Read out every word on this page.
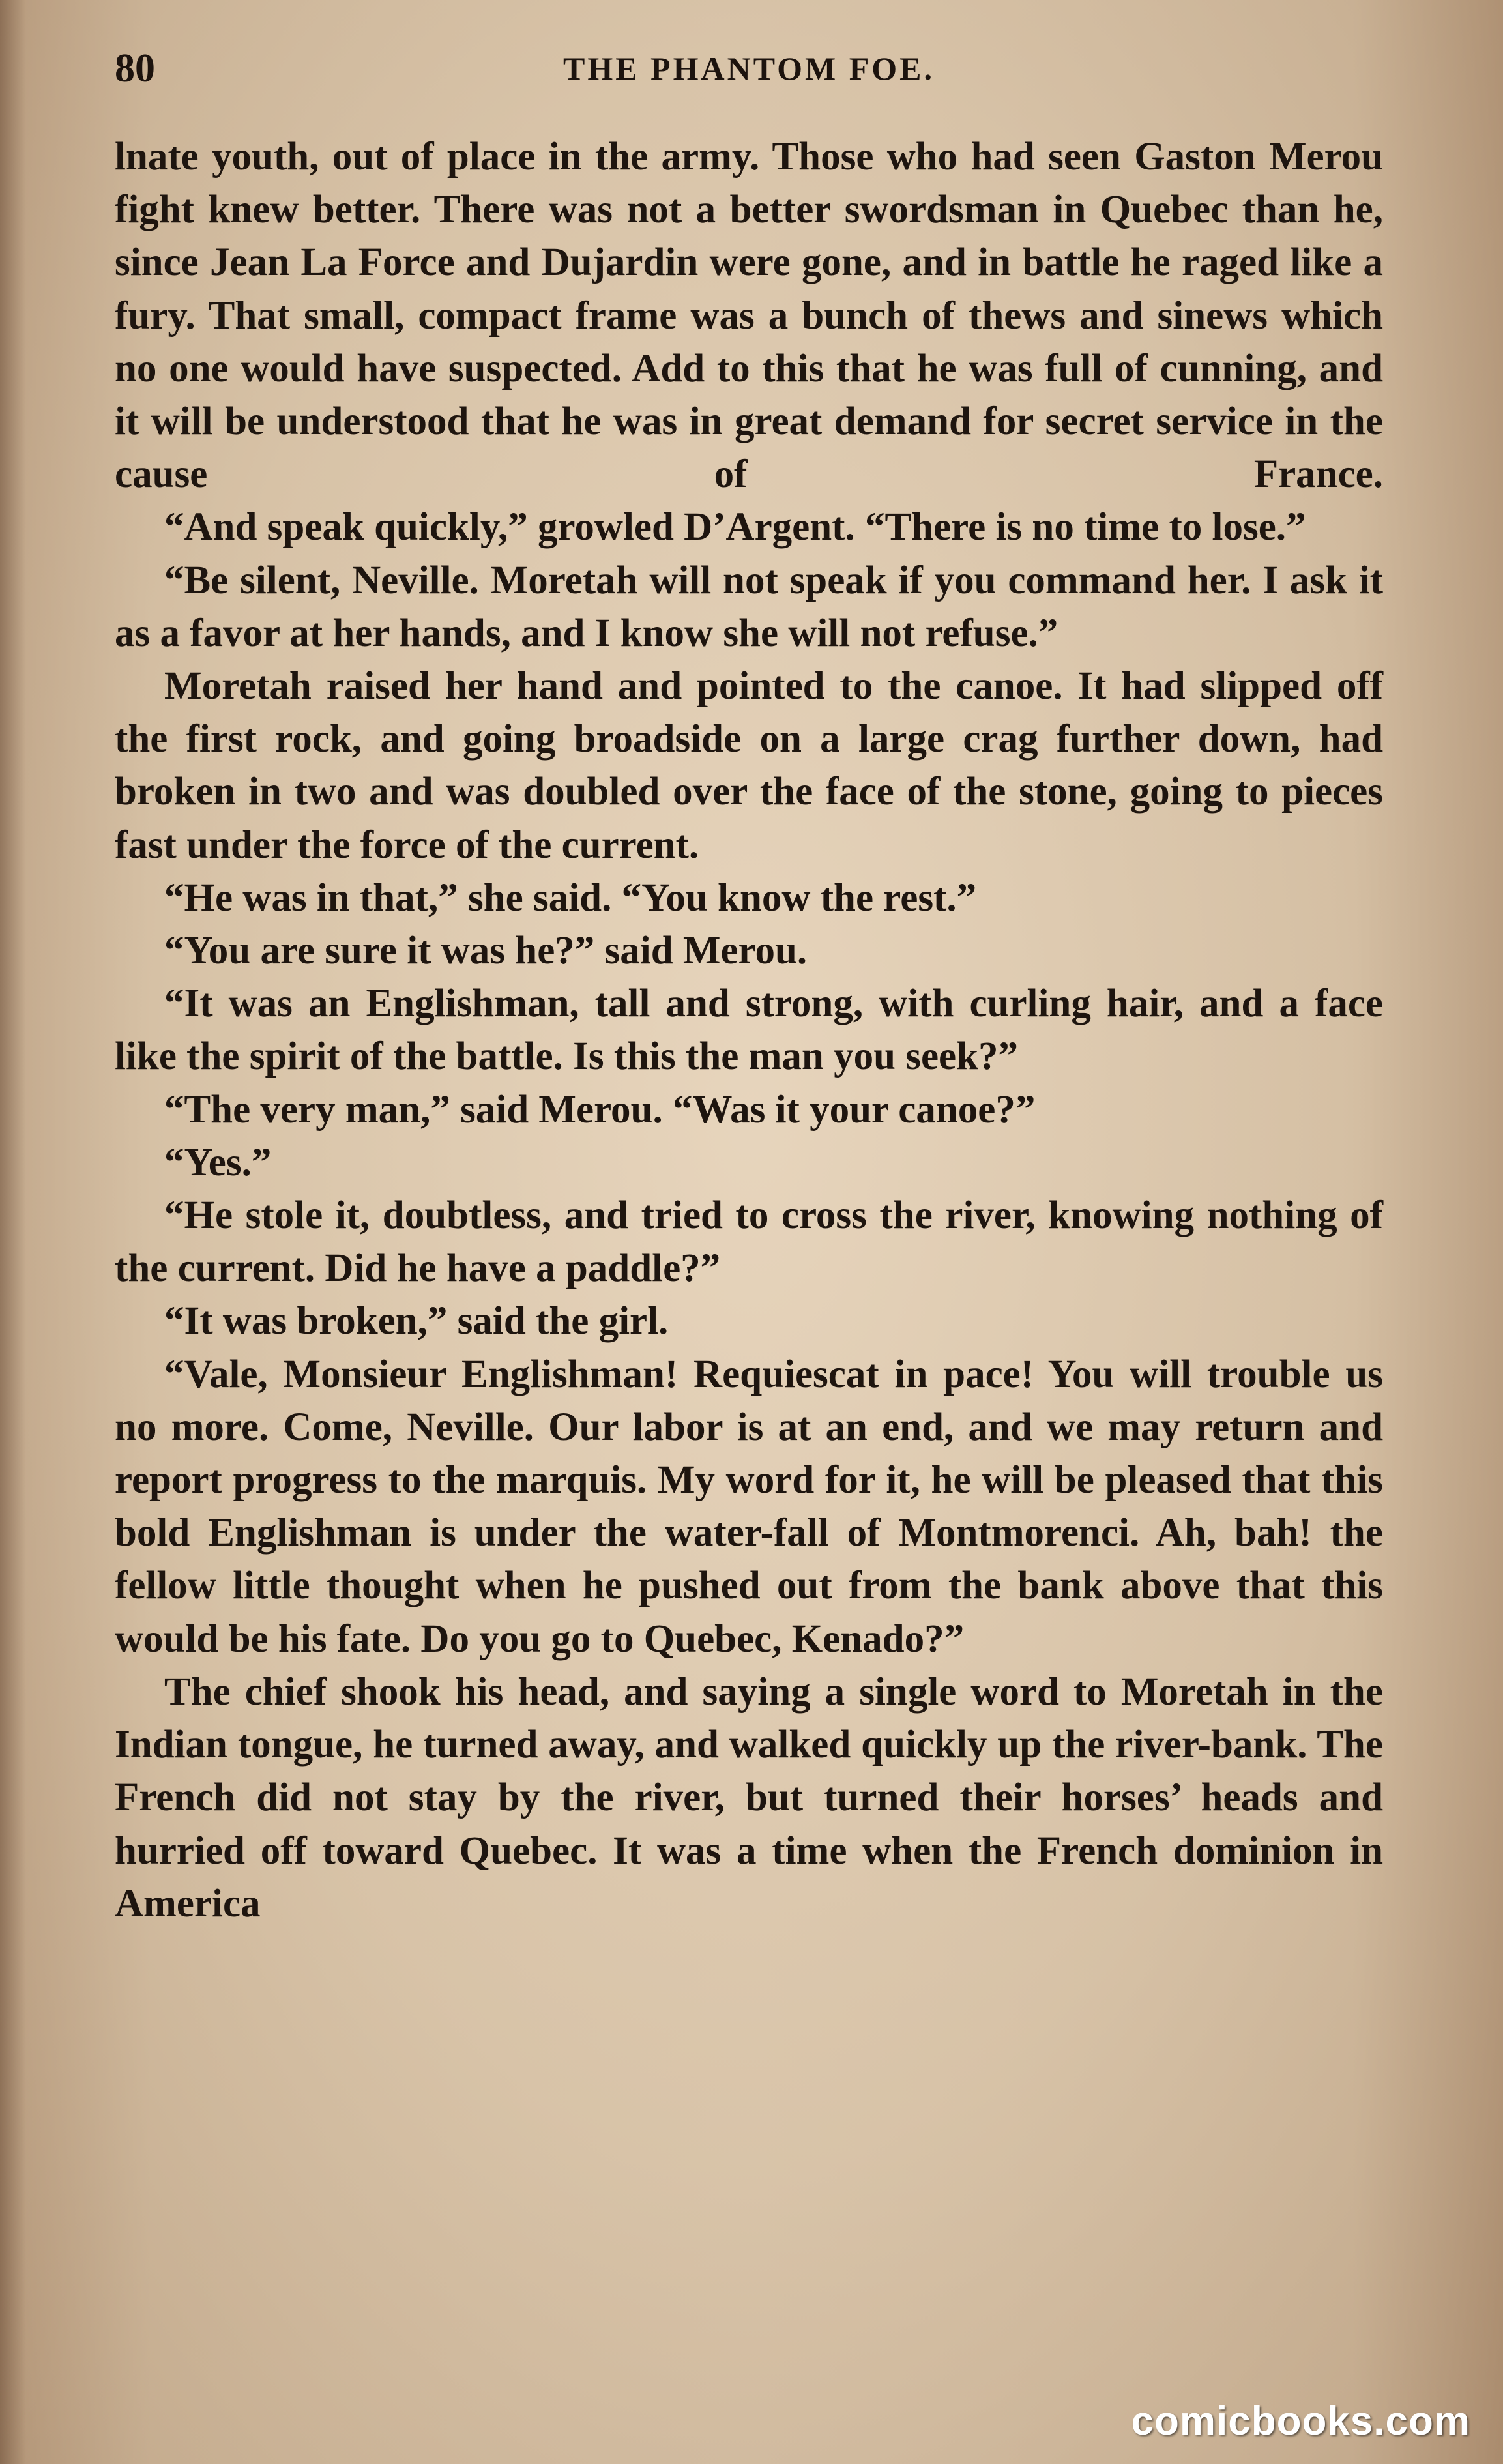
80	THE PHANTOM FOE.

lnate youth, out of place in the army. Those who had seen Gaston Merou fight knew better. There was not a better swordsman in Quebec than he, since Jean La Force and Dujardin were gone, and in battle he raged like a fury. That small, compact frame was a bunch of thews and sinews which no one would have suspected. Add to this that he was full of cunning, and it will be understood that he was in great demand for secret service in the cause of France.

“And speak quickly,” growled D’Argent. “There is no time to lose.”

“Be silent, Neville. Moretah will not speak if you command her. I ask it as a favor at her hands, and I know she will not refuse.”

Moretah raised her hand and pointed to the canoe. It had slipped off the first rock, and going broadside on a large crag further down, had broken in two and was doubled over the face of the stone, going to pieces fast under the force of the current.

“He was in that,” she said. “You know the rest.”

“You are sure it was he?” said Merou.

“It was an Englishman, tall and strong, with curling hair, and a face like the spirit of the battle. Is this the man you seek?”

“The very man,” said Merou. “Was it your canoe?”

“Yes.”

“He stole it, doubtless, and tried to cross the river, knowing nothing of the current. Did he have a paddle?”

“It was broken,” said the girl.

“Vale, Monsieur Englishman! Requiescat in pace! You will trouble us no more. Come, Neville. Our labor is at an end, and we may return and report progress to the marquis. My word for it, he will be pleased that this bold Englishman is under the water-fall of Montmorenci. Ah, bah! the fellow little thought when he pushed out from the bank above that this would be his fate. Do you go to Quebec, Kenado?”

The chief shook his head, and saying a single word to Moretah in the Indian tongue, he turned away, and walked quickly up the river-bank. The French did not stay by the river, but turned their horses’ heads and hurried off toward Quebec. It was a time when the French dominion in America

comicbooks.com
